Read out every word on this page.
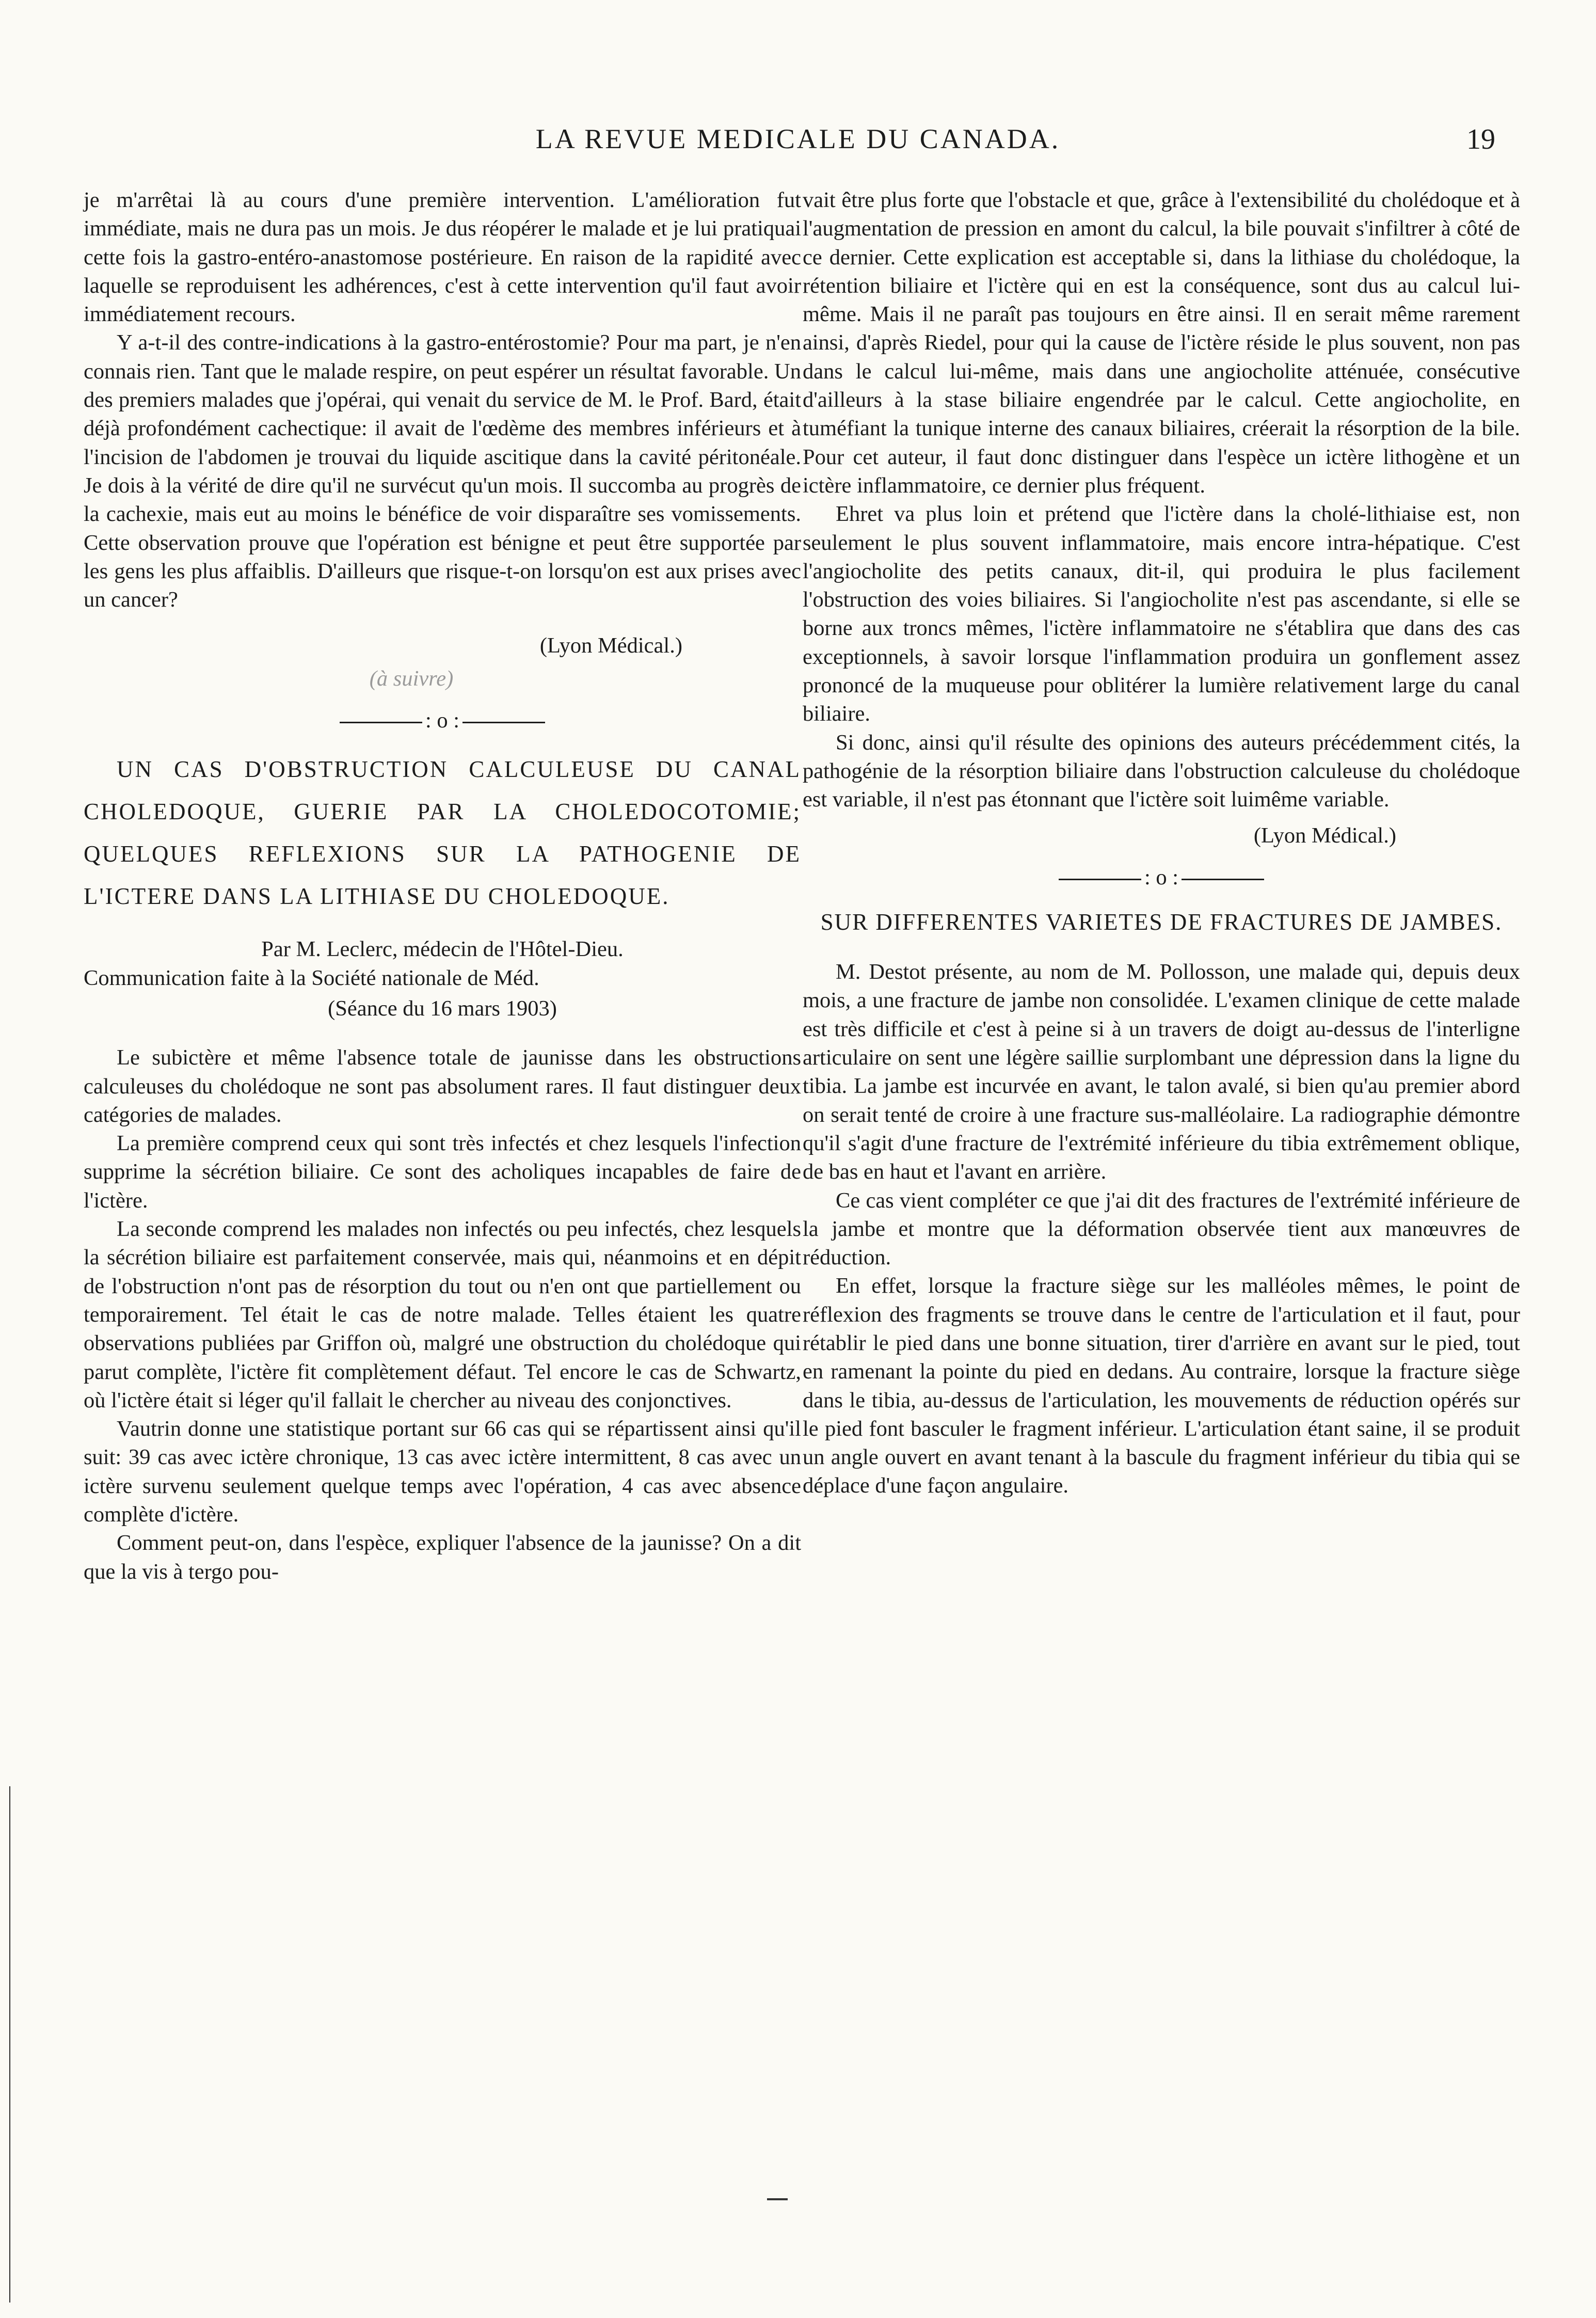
LA REVUE MEDICALE DU CANADA.	19

je m'arrêtai là au cours d'une première intervention. L'amélioration fut immédiate, mais ne dura pas un mois. Je dus réopérer le malade et je lui pratiquai cette fois la gastro-entéro-anastomose postérieure. En raison de la rapidité avec laquelle se reproduisent les adhérences, c'est à cette intervention qu'il faut avoir immédiatement recours.

Y a-t-il des contre-indications à la gastro-entérostomie? Pour ma part, je n'en connais rien. Tant que le malade respire, on peut espérer un résultat favorable. Un des premiers malades que j'opérai, qui venait du service de M. le Prof. Bard, était déjà profondément cachectique: il avait de l'œdème des membres inférieurs et à l'incision de l'abdomen je trouvai du liquide ascitique dans la cavité péritonéale. Je dois à la vérité de dire qu'il ne survécut qu'un mois. Il succomba au progrès de la cachexie, mais eut au moins le bénéfice de voir disparaître ses vomissements. Cette observation prouve que l'opération est bénigne et peut être supportée par les gens les plus affaiblis. D'ailleurs que risque-t-on lorsqu'on est aux prises avec un cancer?

(Lyon Médical.)
(à suivre)
: o :

UN CAS D'OBSTRUCTION CALCULEUSE DU CANAL CHOLEDOQUE, GUERIE PAR LA CHOLEDOCOTOMIE; QUELQUES REFLEXIONS SUR LA PATHOGENIE DE L'ICTERE DANS LA LITHIASE DU CHOLEDOQUE.

Par M. Leclerc, médecin de l'Hôtel-Dieu.

Communication faite à la Société nationale de Méd.

(Séance du 16 mars 1903)

Le subictère et même l'absence totale de jaunisse dans les obstructions calculeuses du cholédoque ne sont pas absolument rares. Il faut distinguer deux catégories de malades.

La première comprend ceux qui sont très infectés et chez lesquels l'infection supprime la sécrétion biliaire. Ce sont des acholiques incapables de faire de l'ictère.

La seconde comprend les malades non infectés ou peu infectés, chez lesquels la sécrétion biliaire est parfaitement conservée, mais qui, néanmoins et en dépit de l'obstruction n'ont pas de résorption du tout ou n'en ont que partiellement ou temporairement. Tel était le cas de notre malade. Telles étaient les quatre observations publiées par Griffon où, malgré une obstruction du cholédoque qui parut complète, l'ictère fit complètement défaut. Tel encore le cas de Schwartz, où l'ictère était si léger qu'il fallait le chercher au niveau des conjonctives.

Vautrin donne une statistique portant sur 66 cas qui se répartissent ainsi qu'il suit: 39 cas avec ictère chronique, 13 cas avec ictère intermittent, 8 cas avec un ictère survenu seulement quelque temps avec l'opération, 4 cas avec absence complète d'ictère.

Comment peut-on, dans l'espèce, expliquer l'absence de la jaunisse? On a dit que la vis à tergo pou-

vait être plus forte que l'obstacle et que, grâce à l'extensibilité du cholédoque et à l'augmentation de pression en amont du calcul, la bile pouvait s'infiltrer à côté de ce dernier. Cette explication est acceptable si, dans la lithiase du cholédoque, la rétention biliaire et l'ictère qui en est la conséquence, sont dus au calcul lui-même. Mais il ne paraît pas toujours en être ainsi. Il en serait même rarement ainsi, d'après Riedel, pour qui la cause de l'ictère réside le plus souvent, non pas dans le calcul lui-même, mais dans une angiocholite atténuée, consécutive d'ailleurs à la stase biliaire engendrée par le calcul. Cette angiocholite, en tuméfiant la tunique interne des canaux biliaires, créerait la résorption de la bile. Pour cet auteur, il faut donc distinguer dans l'espèce un ictère lithogène et un ictère inflammatoire, ce dernier plus fréquent.

Ehret va plus loin et prétend que l'ictère dans la cholé-lithiaise est, non seulement le plus souvent inflammatoire, mais encore intra-hépatique. C'est l'angiocholite des petits canaux, dit-il, qui produira le plus facilement l'obstruction des voies biliaires. Si l'angiocholite n'est pas ascendante, si elle se borne aux troncs mêmes, l'ictère inflammatoire ne s'établira que dans des cas exceptionnels, à savoir lorsque l'inflammation produira un gonflement assez prononcé de la muqueuse pour oblitérer la lumière relativement large du canal biliaire.

Si donc, ainsi qu'il résulte des opinions des auteurs précédemment cités, la pathogénie de la résorption biliaire dans l'obstruction calculeuse du cholédoque est variable, il n'est pas étonnant que l'ictère soit luimême variable.

(Lyon Médical.)
: o :
SUR DIFFERENTES VARIETES DE FRACTURES DE JAMBES.

M. Destot présente, au nom de M. Pollosson, une malade qui, depuis deux mois, a une fracture de jambe non consolidée. L'examen clinique de cette malade est très difficile et c'est à peine si à un travers de doigt au-dessus de l'interligne articulaire on sent une légère saillie surplombant une dépression dans la ligne du tibia. La jambe est incurvée en avant, le talon avalé, si bien qu'au premier abord on serait tenté de croire à une fracture sus-malléolaire. La radiographie démontre qu'il s'agit d'une fracture de l'extrémité inférieure du tibia extrêmement oblique, de bas en haut et l'avant en arrière.

Ce cas vient compléter ce que j'ai dit des fractures de l'extrémité inférieure de la jambe et montre que la déformation observée tient aux manœuvres de réduction.

En effet, lorsque la fracture siège sur les malléoles mêmes, le point de réflexion des fragments se trouve dans le centre de l'articulation et il faut, pour rétablir le pied dans une bonne situation, tirer d'arrière en avant sur le pied, tout en ramenant la pointe du pied en dedans. Au contraire, lorsque la fracture siège dans le tibia, au-dessus de l'articulation, les mouvements de réduction opérés sur le pied font basculer le fragment inférieur. L'articulation étant saine, il se produit un angle ouvert en avant tenant à la bascule du fragment inférieur du tibia qui se déplace d'une façon angulaire.
